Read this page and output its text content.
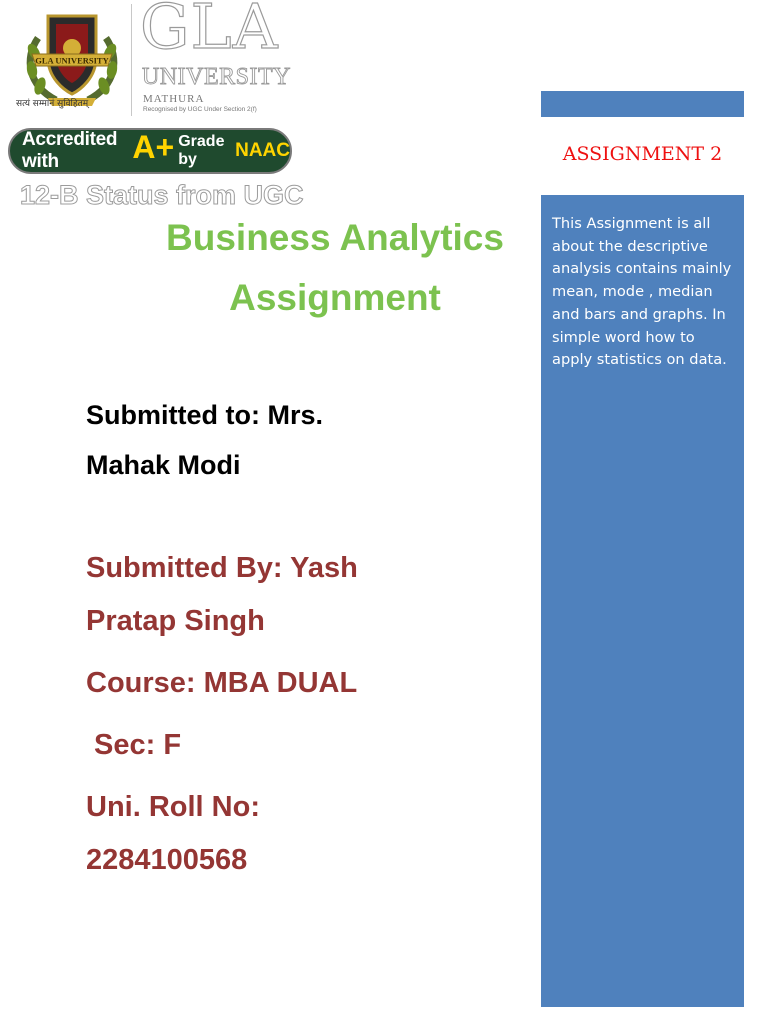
GLA UNIVERSITY
सत्यं सम्मानं सुविहितम्
GLA
UNIVERSITY
MATHURA
Recognised by UGC Under Section 2(f)
Accredited with	A+ Grade by	NAAC
12-B Status from UGC
Business Analytics
Assignment
Submitted to: Mrs.
Mahak Modi
Submitted By: Yash
Pratap Singh
Course: MBA DUAL
Sec: F
Uni. Roll No:
2284100568
ASSIGNMENT 2
This Assignment is all about the descriptive analysis contains mainly mean, mode , median and bars and graphs. In simple word how to apply statistics on data.
